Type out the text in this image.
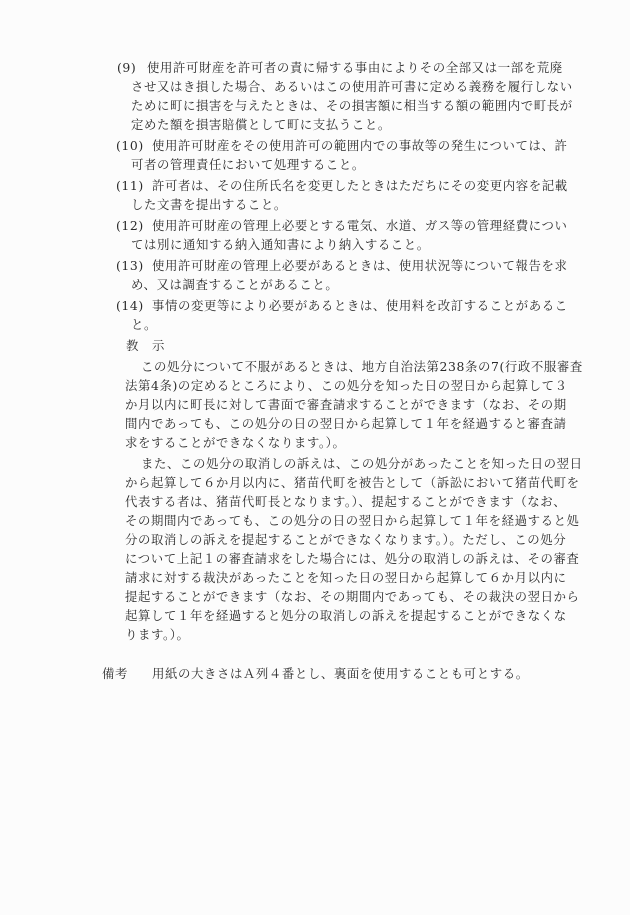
(9) 使用許可財産を許可者の責に帰する事由によりその全部又は一部を荒廃
させ又はき損した場合、あるいはこの使用許可書に定める義務を履行しない
ために町に損害を与えたときは、その損害額に相当する額の範囲内で町長が
定めた額を損害賠償として町に支払うこと。
(10) 使用許可財産をその使用許可の範囲内での事故等の発生については、許
可者の管理責任において処理すること。
(11) 許可者は、その住所氏名を変更したときはただちにその変更内容を記載
した文書を提出すること。
(12) 使用許可財産の管理上必要とする電気、水道、ガス等の管理経費につい
ては別に通知する納入通知書により納入すること。
(13) 使用許可財産の管理上必要があるときは、使用状況等について報告を求
め、又は調査することがあること。
(14) 事情の変更等により必要があるときは、使用料を改訂することがあるこ
と。
教　示
この処分について不服があるときは、地方自治法第238条の7(行政不服審査
法第4条)の定めるところにより、この処分を知った日の翌日から起算して３
か月以内に町長に対して書面で審査請求することができます（なお、その期
間内であっても、この処分の日の翌日から起算して１年を経過すると審査請
求をすることができなくなります。）。
また、この処分の取消しの訴えは、この処分があったことを知った日の翌日
から起算して６か月以内に、猪苗代町を被告として（訴訟において猪苗代町を
代表する者は、猪苗代町長となります。）、提起することができます（なお、
その期間内であっても、この処分の日の翌日から起算して１年を経過すると処
分の取消しの訴えを提起することができなくなります。）。ただし、この処分
について上記１の審査請求をした場合には、処分の取消しの訴えは、その審査
請求に対する裁決があったことを知った日の翌日から起算して６か月以内に
提起することができます（なお、その期間内であっても、その裁決の翌日から
起算して１年を経過すると処分の取消しの訴えを提起することができなくな
ります。）。
備考 用紙の大きさはＡ列４番とし、裏面を使用することも可とする。
